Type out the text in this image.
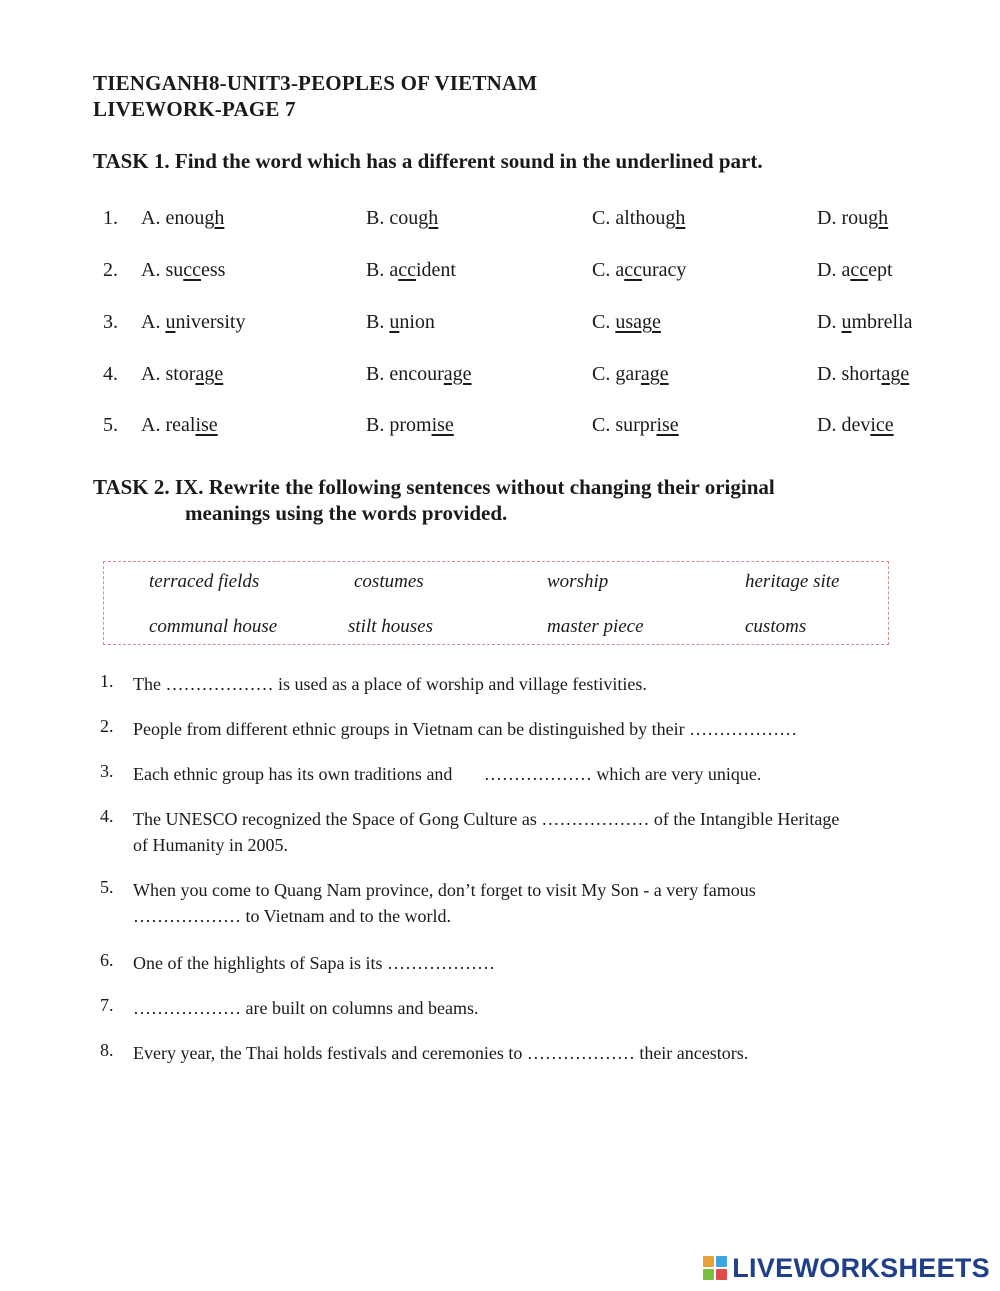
TIENGANH8-UNIT3-PEOPLES OF VIETNAM
LIVEWORK-PAGE 7
TASK 1. Find the word which has a different sound in the underlined part.
1. A. enough	B. cough	C. although	D. rough
2. A. success	B. accident	C. accuracy	D. accept
3. A. university	B. union	C. usage	D. umbrella
4. A. storage	B. encourage	C. garage	D. shortage
5. A. realise	B. promise	C. surprise	D. device
TASK 2. IX. Rewrite the following sentences without changing their original
meanings using the words provided.
terraced fields	costumes	worship	heritage site
communal house	stilt houses	master piece	customs
1. The ……………… is used as a place of worship and village festivities.
2. People from different ethnic groups in Vietnam can be distinguished by their ………………
3. Each ethnic group has its own traditions and       ……………… which are very unique.
4. The UNESCO recognized the Space of Gong Culture as ……………… of the Intangible Heritage
of Humanity in 2005.
5. When you come to Quang Nam province, don’t forget to visit My Son - a very famous
……………… to Vietnam and to the world.
6. One of the highlights of Sapa is its ………………
7. ……………… are built on columns and beams.
8. Every year, the Thai holds festivals and ceremonies to ……………… their ancestors.
LIVEWORKSHEETS
